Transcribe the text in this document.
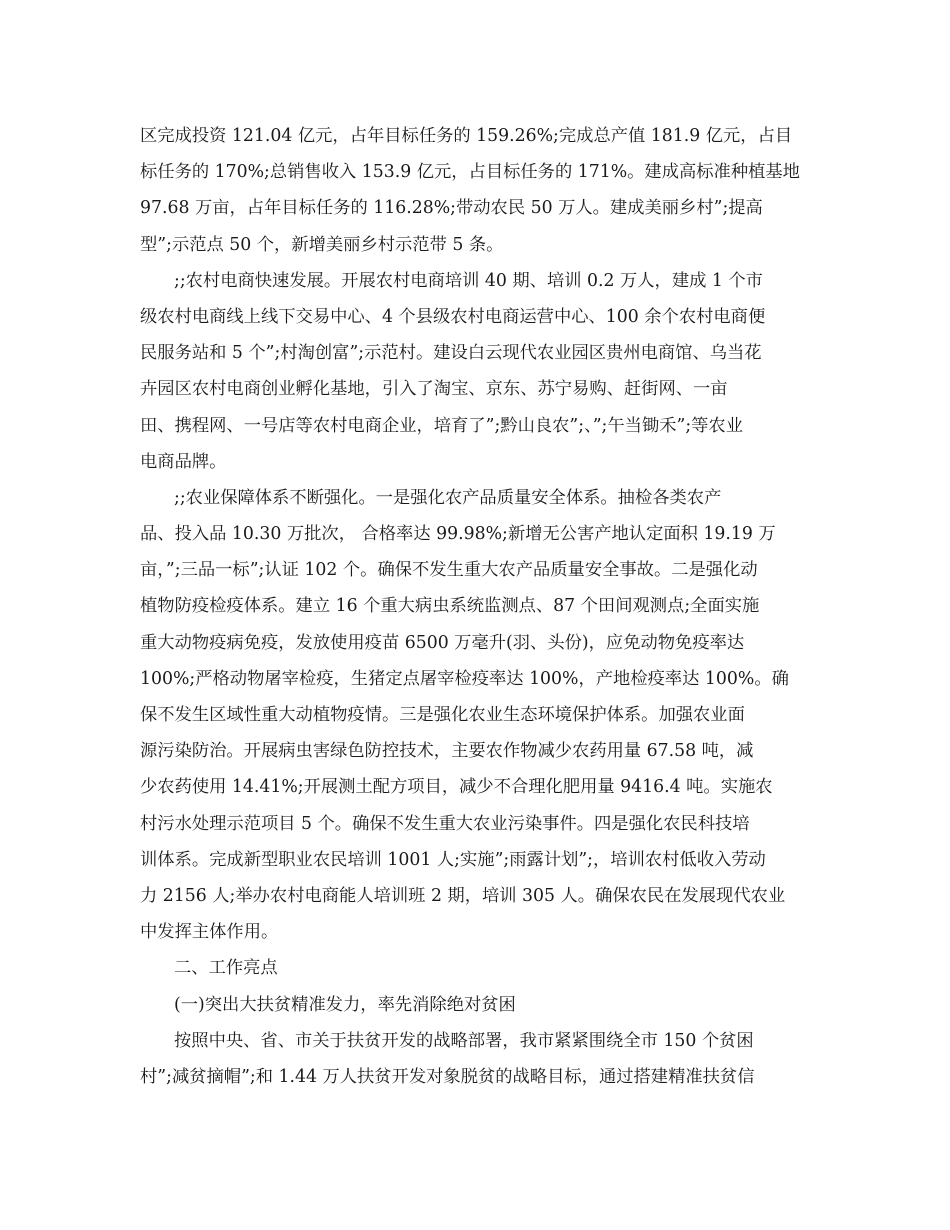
区完成投资 121.04 亿元，占年目标任务的 159.26%;完成总产值 181.9 亿元，占目
标任务的 170%;总销售收入 153.9 亿元，占目标任务的 171%。建成高标准种植基地
97.68 万亩，占年目标任务的 116.28%;带动农民 50 万人。建成美丽乡村”;提高
型”;示范点 50 个，新增美丽乡村示范带 5 条。
;;农村电商快速发展。开展农村电商培训 40 期、培训 0.2 万人，建成 1 个市
级农村电商线上线下交易中心、4 个县级农村电商运营中心、100 余个农村电商便
民服务站和 5 个”;村淘创富”;示范村。建设白云现代农业园区贵州电商馆、乌当花
卉园区农村电商创业孵化基地，引入了淘宝、京东、苏宁易购、赶街网、一亩
田、携程网、一号店等农村电商企业，培育了”;黔山良农”;、”;午当锄禾”;等农业
电商品牌。
;;农业保障体系不断强化。一是强化农产品质量安全体系。抽检各类农产
品、投入品 10.30 万批次， 合格率达 99.98%;新增无公害产地认定面积 19.19 万
亩，”;三品一标”;认证 102 个。确保不发生重大农产品质量安全事故。二是强化动
植物防疫检疫体系。建立 16 个重大病虫系统监测点、87 个田间观测点;全面实施
重大动物疫病免疫，发放使用疫苗 6500 万毫升(羽、头份)，应免动物免疫率达
100%;严格动物屠宰检疫，生猪定点屠宰检疫率达 100%，产地检疫率达 100%。确
保不发生区域性重大动植物疫情。三是强化农业生态环境保护体系。加强农业面
源污染防治。开展病虫害绿色防控技术，主要农作物减少农药用量 67.58 吨，减
少农药使用 14.41%;开展测土配方项目，减少不合理化肥用量 9416.4 吨。实施农
村污水处理示范项目 5 个。确保不发生重大农业污染事件。四是强化农民科技培
训体系。完成新型职业农民培训 1001 人;实施”;雨露计划”;，培训农村低收入劳动
力 2156 人;举办农村电商能人培训班 2 期，培训 305 人。确保农民在发展现代农业
中发挥主体作用。
二、工作亮点
(一)突出大扶贫精准发力，率先消除绝对贫困
按照中央、省、市关于扶贫开发的战略部署，我市紧紧围绕全市 150 个贫困
村”;减贫摘帽”;和 1.44 万人扶贫开发对象脱贫的战略目标，通过搭建精准扶贫信
